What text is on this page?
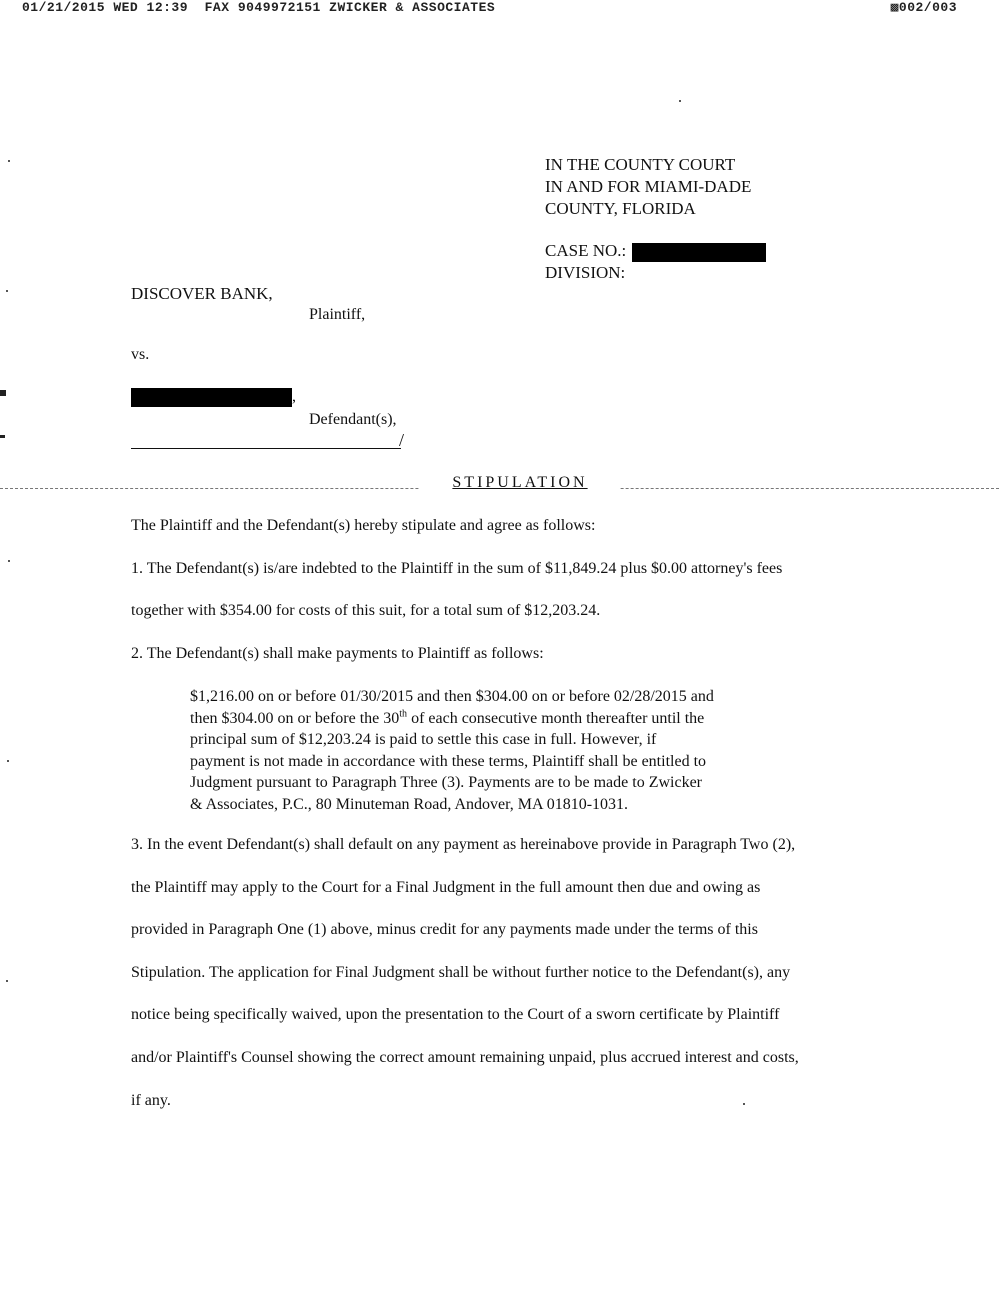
01/21/2015 WED 12:39  FAX 9049972151 ZWICKER & ASSOCIATES	▩002/003
IN THE COUNTY COURT
IN AND FOR MIAMI-DADE
COUNTY, FLORIDA
CASE NO.:
DIVISION:
DISCOVER BANK,
Plaintiff,
vs.
,
Defendant(s),
/
STIPULATION
The Plaintiff and the Defendant(s) hereby stipulate and agree as follows:
1. The Defendant(s) is/are indebted to the Plaintiff in the sum of $11,849.24 plus $0.00 attorney's fees
together with $354.00 for costs of this suit, for a total sum of $12,203.24.
2. The Defendant(s) shall make payments to Plaintiff as follows:
$1,216.00 on or before 01/30/2015 and then $304.00 on or before 02/28/2015 and
then $304.00 on or before the 30th of each consecutive month thereafter until the
principal sum of $12,203.24 is paid to settle this case in full. However, if
payment is not made in accordance with these terms, Plaintiff shall be entitled to
Judgment pursuant to Paragraph Three (3). Payments are to be made to Zwicker
& Associates, P.C., 80 Minuteman Road, Andover, MA 01810-1031.
3. In the event Defendant(s) shall default on any payment as hereinabove provide in Paragraph Two (2),
the Plaintiff may apply to the Court for a Final Judgment in the full amount then due and owing as
provided in Paragraph One (1) above, minus credit for any payments made under the terms of this
Stipulation. The application for Final Judgment shall be without further notice to the Defendant(s), any
notice being specifically waived, upon the presentation to the Court of a sworn certificate by Plaintiff
and/or Plaintiff's Counsel showing the correct amount remaining unpaid, plus accrued interest and costs,
if any.
